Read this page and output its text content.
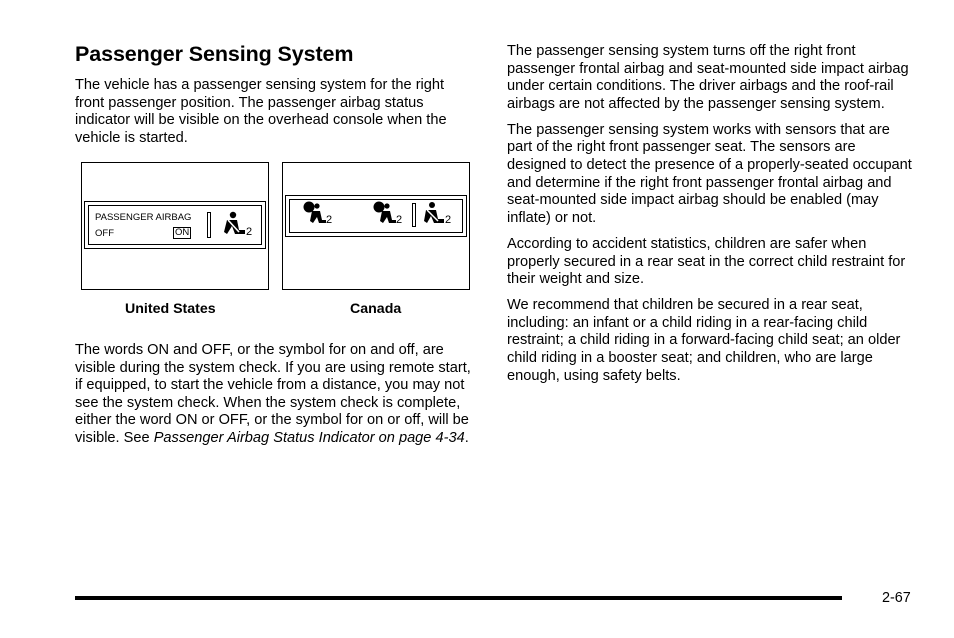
Passenger Sensing System

The vehicle has a passenger sensing system for the right front passenger position. The passenger airbag status indicator will be visible on the overhead console when the vehicle is started.

PASSENGER AIRBAG
OFF	ON	2
2	2	2
United States	Canada

The words ON and OFF, or the symbol for on and off, are visible during the system check. If you are using remote start, if equipped, to start the vehicle from a distance, you may not see the system check. When the system check is complete, either the word ON or OFF, or the symbol for on or off, will be visible. See Passenger Airbag Status Indicator on page 4-34.

The passenger sensing system turns off the right front passenger frontal airbag and seat-mounted side impact airbag under certain conditions. The driver airbags and the roof-rail airbags are not affected by the passenger sensing system.

The passenger sensing system works with sensors that are part of the right front passenger seat. The sensors are designed to detect the presence of a properly-seated occupant and determine if the right front passenger frontal airbag and seat-mounted side impact airbag should be enabled (may inflate) or not.

According to accident statistics, children are safer when properly secured in a rear seat in the correct child restraint for their weight and size.

We recommend that children be secured in a rear seat, including: an infant or a child riding in a rear-facing child restraint; a child riding in a forward-facing child seat; an older child riding in a booster seat; and children, who are large enough, using safety belts.

2-67
